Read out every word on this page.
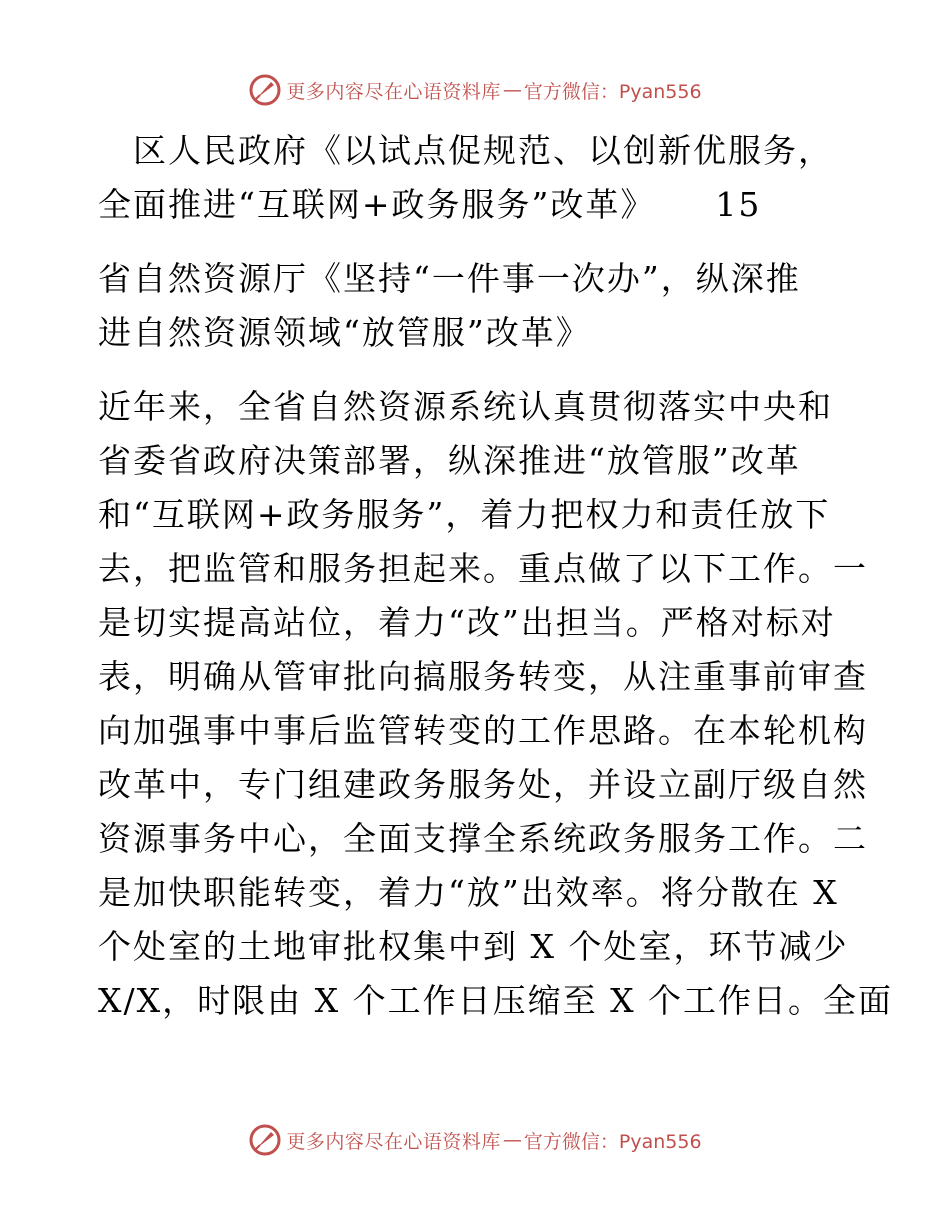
更多内容尽在心语资料库 — 官方微信：Pyan556
　区人民政府《以试点促规范、以创新优服务，
全面推进“互联网+政务服务”改革》 15
省自然资源厅《坚持“一件事一次办”，纵深推
进自然资源领域“放管服”改革》
近年来，全省自然资源系统认真贯彻落实中央和
省委省政府决策部署，纵深推进“放管服”改革
和“互联网+政务服务”，着力把权力和责任放下
去，把监管和服务担起来。重点做了以下工作。一
是切实提高站位，着力“改”出担当。严格对标对
表，明确从管审批向搞服务转变，从注重事前审查
向加强事中事后监管转变的工作思路。在本轮机构
改革中，专门组建政务服务处，并设立副厅级自然
资源事务中心，全面支撑全系统政务服务工作。二
是加快职能转变，着力“放”出效率。将分散在 X
个处室的土地审批权集中到 X 个处室，环节减少
X/X，时限由 X 个工作日压缩至 X 个工作日。全面
更多内容尽在心语资料库 — 官方微信：Pyan556
